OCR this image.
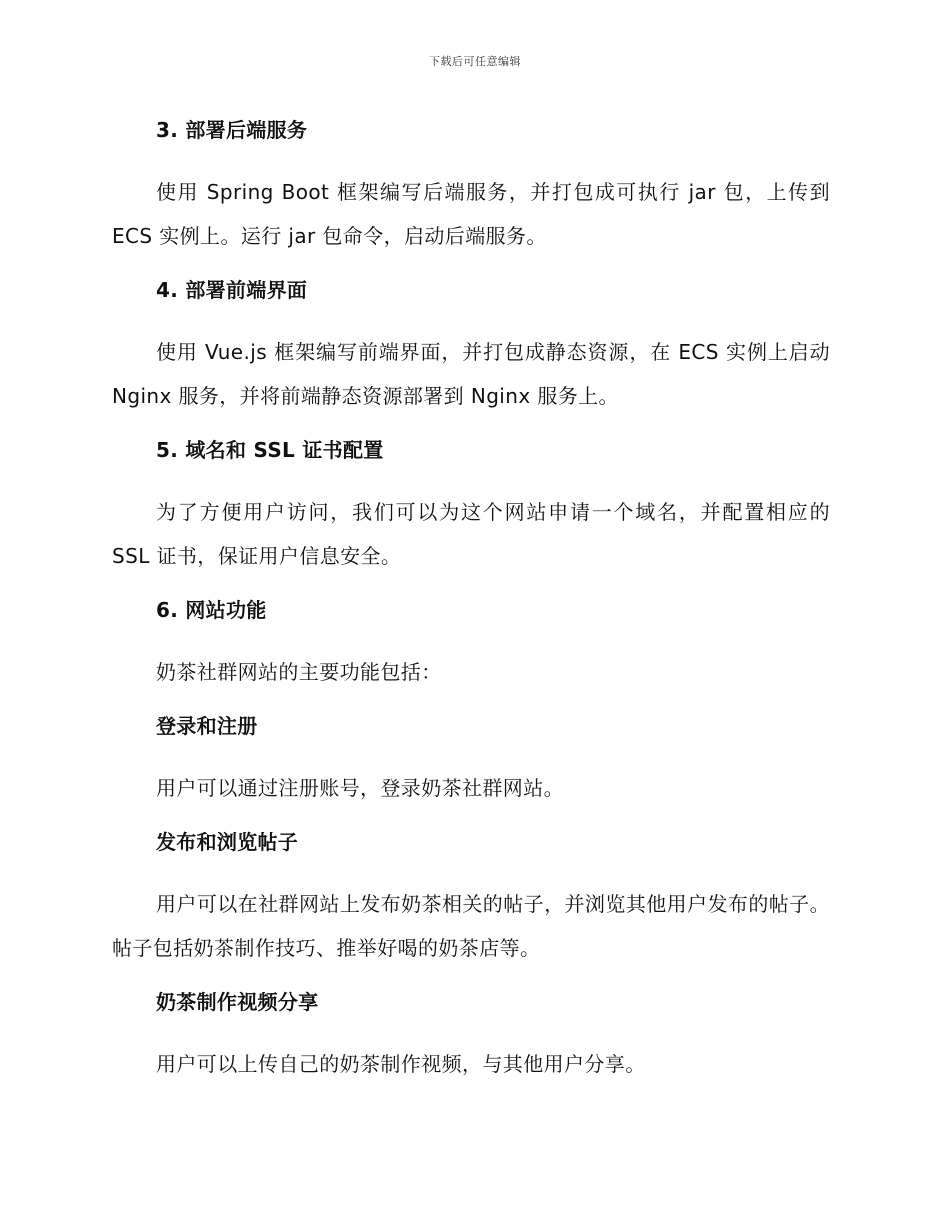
下载后可任意编辑
3. 部署后端服务
使用 Spring Boot 框架编写后端服务，并打包成可执行 jar 包，上传到 ECS 实例上。运行 jar 包命令，启动后端服务。
4. 部署前端界面
使用 Vue.js 框架编写前端界面，并打包成静态资源，在 ECS 实例上启动 Nginx 服务，并将前端静态资源部署到 Nginx 服务上。
5. 域名和 SSL 证书配置
为了方便用户访问，我们可以为这个网站申请一个域名，并配置相应的 SSL 证书，保证用户信息安全。
6. 网站功能
奶茶社群网站的主要功能包括：
登录和注册
用户可以通过注册账号，登录奶茶社群网站。
发布和浏览帖子
用户可以在社群网站上发布奶茶相关的帖子，并浏览其他用户发布的帖子。帖子包括奶茶制作技巧、推举好喝的奶茶店等。
奶茶制作视频分享
用户可以上传自己的奶茶制作视频，与其他用户分享。
